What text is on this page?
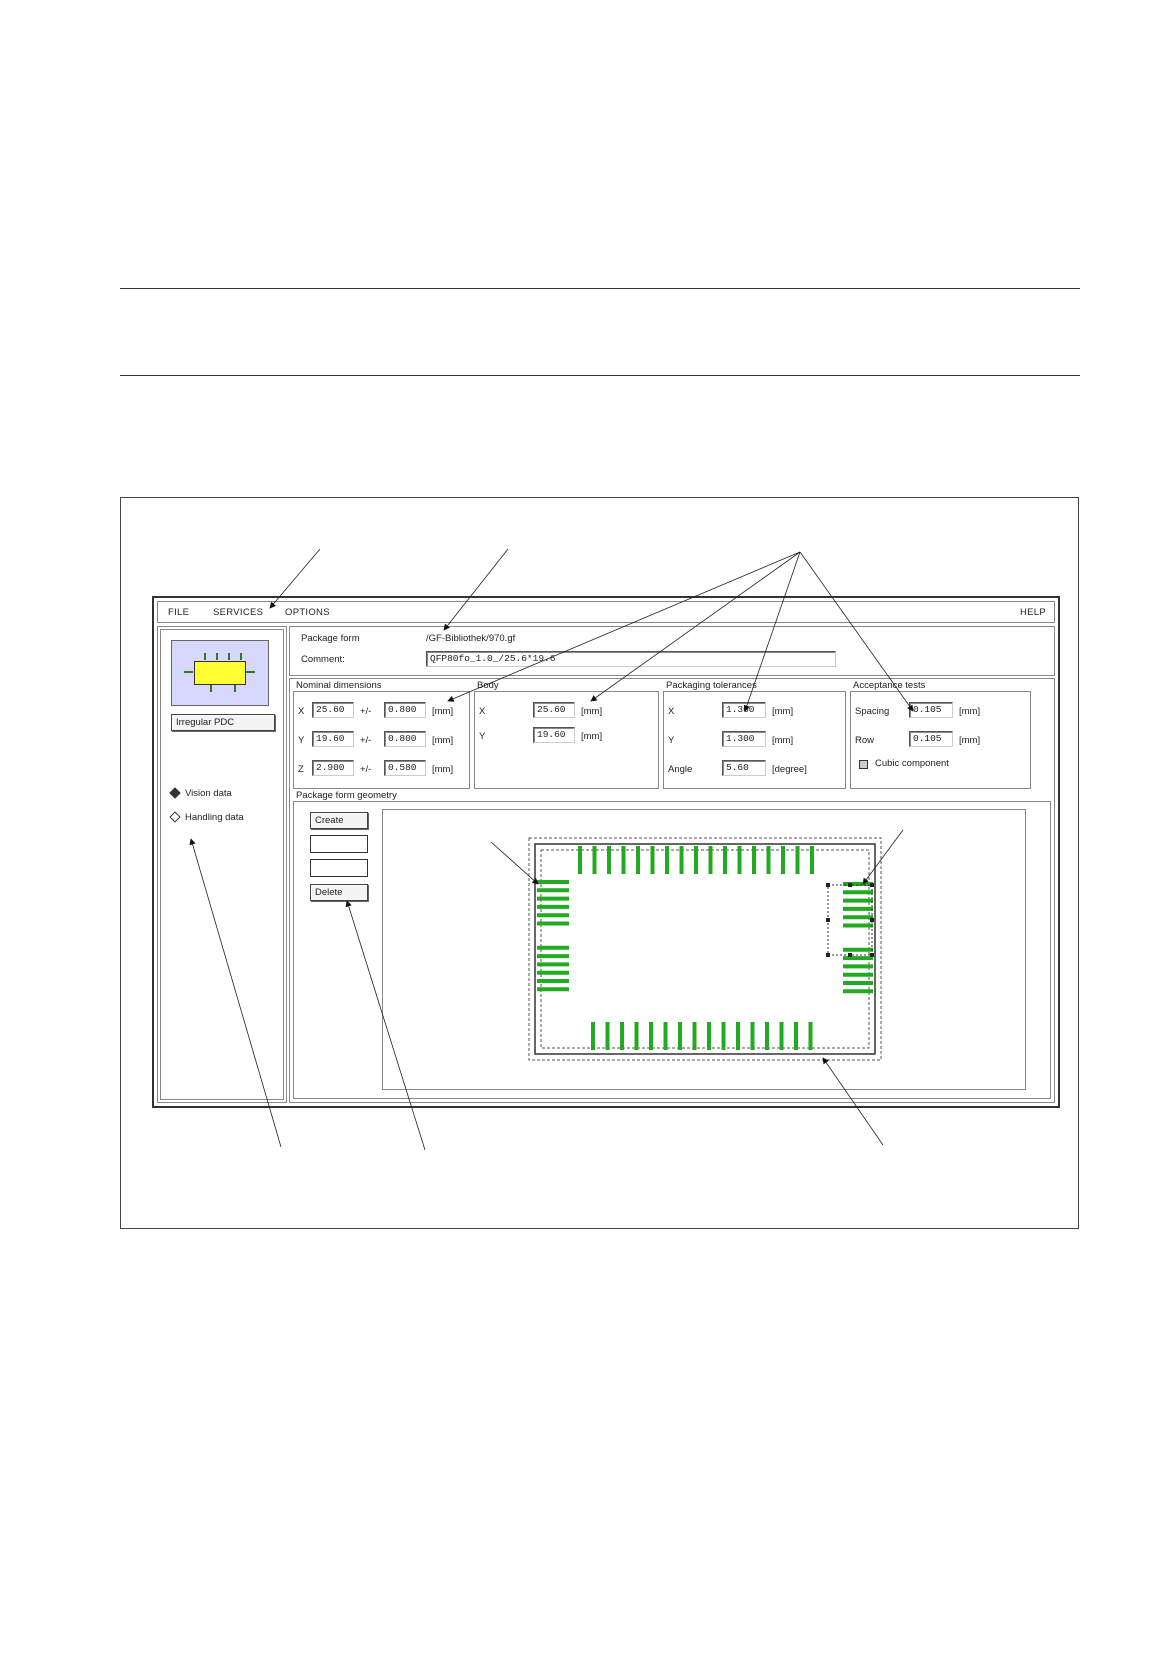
FILE SERVICES OPTIONS	HELP
Irregular PDC
Vision data
Handling data
Package form	/GF-Bibliothek/970.gf
Comment:	QFP80fo_1.0_/25.6*19.6
Nominal dimensions
X	25.60	+/-	0.800	[mm]
Y	19.60	+/-	0.800	[mm]
Z	2.900	+/-	0.580	[mm]
Body
X	25.60	[mm]
Y	19.60	[mm]
Packaging tolerances
X	1.300	[mm]
Y	1.300	[mm]
Angle	5.60	[degree]
Acceptance tests
Spacing	0.105	[mm]
Row	0.105	[mm]
Cubic component
Package form geometry
Create
Delete
